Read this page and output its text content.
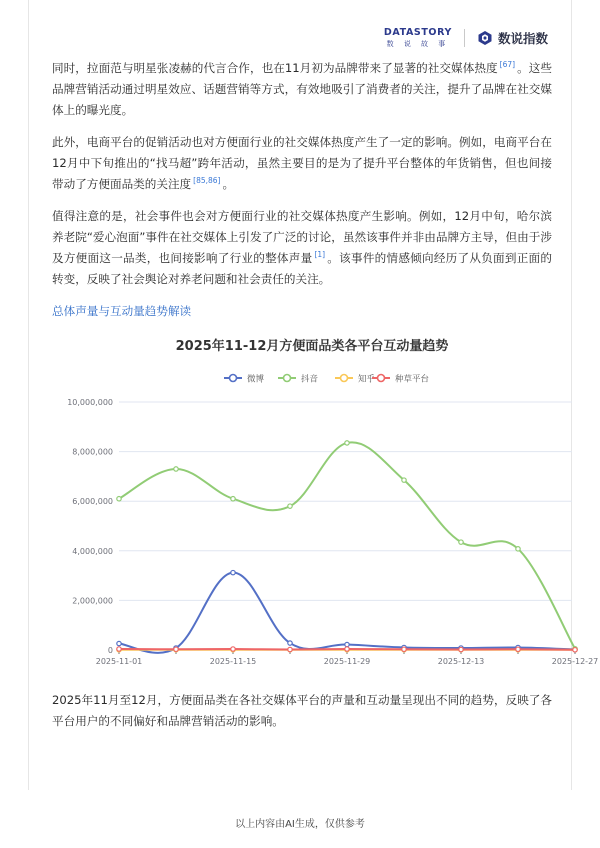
DATASTORY
数 说 故 事	数说指数

同时，拉面范与明星张凌赫的代言合作，也在11月初为品牌带来了显著的社交媒体热度 [67] 。这些品牌营销活动通过明星效应、话题营销等方式，有效地吸引了消费者的关注，提升了品牌在社交媒体上的曝光度。

此外，电商平台的促销活动也对方便面行业的社交媒体热度产生了一定的影响。例如，电商平台在12月中下旬推出的“找马超”跨年活动，虽然主要目的是为了提升平台整体的年货销售，但也间接带动了方便面品类的关注度 [85,86] 。

值得注意的是，社会事件也会对方便面行业的社交媒体热度产生影响。例如，12月中旬，哈尔滨养老院“爱心泡面”事件在社交媒体上引发了广泛的讨论，虽然该事件并非由品牌方主导，但由于涉及方便面这一品类，也间接影响了行业的整体声量 [1] 。该事件的情感倾向经历了从负面到正面的转变，反映了社会舆论对养老问题和社会责任的关注。

总体声量与互动量趋势解读
2025年11-12月方便面品类各平台互动量趋势
微博	抖音	知乎 种草平台
0
2,000,000
4,000,000
6,000,000
8,000,000
10,000,000
2025-11-01	2025-11-15	2025-11-29	2025-12-13	2025-12-27
2025年11月至12月，方便面品类在各社交媒体平台的声量和互动量呈现出不同的趋势，反映了各平台用户的不同偏好和品牌营销活动的影响。
以上内容由AI生成，仅供参考
